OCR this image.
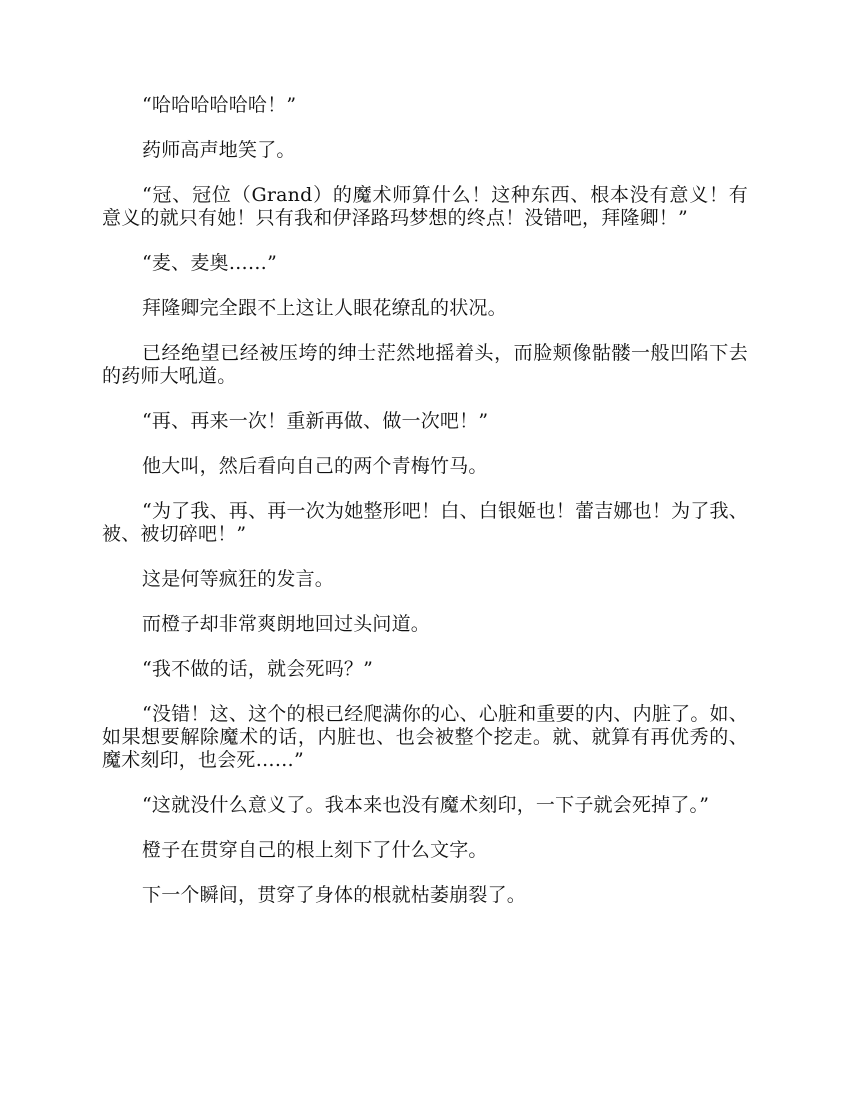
“哈哈哈哈哈哈！”

药师高声地笑了。

“冠、冠位（Grand）的魔术师算什么！这种东西、根本没有意义！有意义的就只有她！只有我和伊泽路玛梦想的终点！没错吧，拜隆卿！”

“麦、麦奥……”

拜隆卿完全跟不上这让人眼花缭乱的状况。

已经绝望已经被压垮的绅士茫然地摇着头，而脸颊像骷髅一般凹陷下去的药师大吼道。

“再、再来一次！重新再做、做一次吧！”

他大叫，然后看向自己的两个青梅竹马。

“为了我、再、再一次为她整形吧！白、白银姬也！蕾吉娜也！为了我、被、被切碎吧！”

这是何等疯狂的发言。

而橙子却非常爽朗地回过头问道。

“我不做的话，就会死吗？”

“没错！这、这个的根已经爬满你的心、心脏和重要的内、内脏了。如、如果想要解除魔术的话，内脏也、也会被整个挖走。就、就算有再优秀的、魔术刻印，也会死……”

“这就没什么意义了。我本来也没有魔术刻印，一下子就会死掉了。”

橙子在贯穿自己的根上刻下了什么文字。

下一个瞬间，贯穿了身体的根就枯萎崩裂了。
